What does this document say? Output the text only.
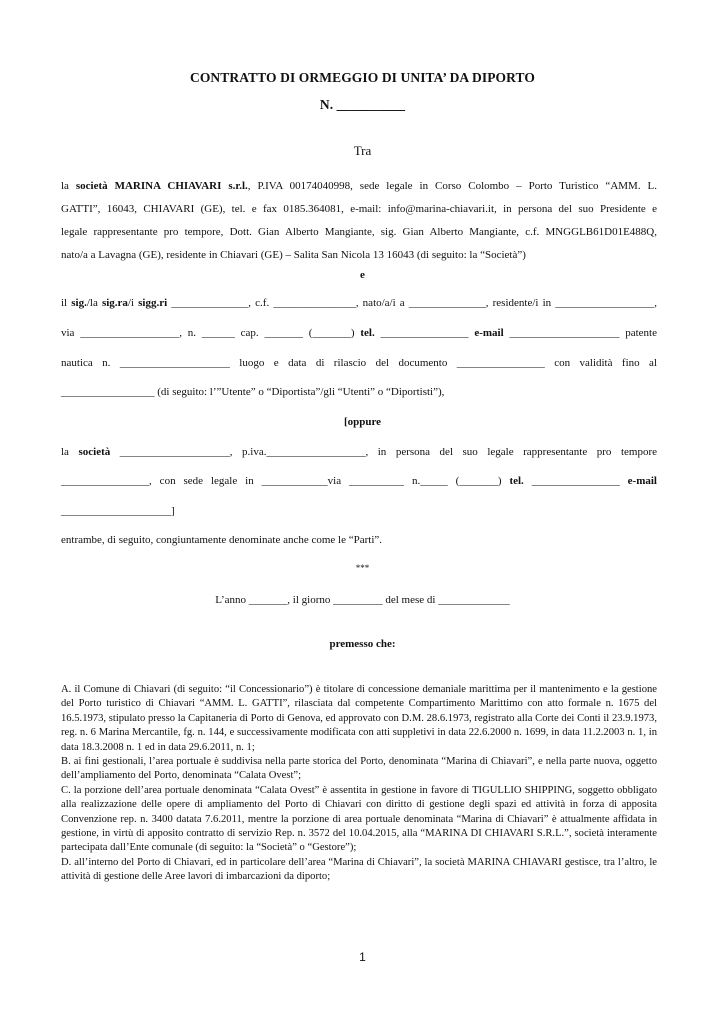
CONTRATTO DI ORMEGGIO DI UNITA’ DA DIPORTO
N. __________
Tra
la società MARINA CHIAVARI s.r.l., P.IVA 00174040998, sede legale in Corso Colombo – Porto Turistico “AMM. L.
GATTI”, 16043, CHIAVARI (GE), tel. e fax 0185.364081, e-mail: info@marina-chiavari.it, in persona del suo Presidente e
legale rappresentante pro tempore, Dott. Gian Alberto Mangiante, sig. Gian Alberto Mangiante, c.f. MNGGLB61D01E488Q,
nato/a a Lavagna (GE), residente in Chiavari (GE) – Salita San Nicola 13 16043 (di seguito: la “Società”)
e
il sig./la sig.ra/i sigg.ri ______________, c.f. _______________, nato/a/i a ______________, residente/i in __________________,
via __________________, n. ______ cap. _______ (_______) tel. ________________ e-mail ____________________ patente
nautica n. ____________________ luogo e data di rilascio del documento ________________ con validità fino al
_________________ (di seguito: l’”Utente” o “Diportista”/gli “Utenti” o “Diportisti”),
[oppure
la società ____________________, p.iva.__________________, in persona del suo legale rappresentante pro tempore
________________, con sede legale in ____________via __________ n._____ (_______) tel. ________________ e-mail
____________________]
entrambe, di seguito, congiuntamente denominate anche come le “Parti”.
***
L’anno _______, il giorno _________ del mese di _____________
premesso che:

A. il Comune di Chiavari (di seguito: “il Concessionario”) è titolare di concessione demaniale marittima per il mantenimento e la gestione del Porto turistico di Chiavari “AMM. L. GATTI”, rilasciata dal competente Compartimento Marittimo con atto formale n. 1675 del 16.5.1973, stipulato presso la Capitaneria di Porto di Genova, ed approvato con D.M. 28.6.1973, registrato alla Corte dei Conti il 23.9.1973, reg. n. 6 Marina Mercantile, fg. n. 144, e successivamente modificata con atti suppletivi in data 22.6.2000 n. 1699, in data 11.2.2003 n. 1, in data 18.3.2008 n. 1 ed in data 29.6.2011, n. 1;

B. ai fini gestionali, l’area portuale è suddivisa nella parte storica del Porto, denominata “Marina di Chiavari”, e nella parte nuova, oggetto dell’ampliamento del Porto, denominata “Calata Ovest”;

C. la porzione dell’area portuale denominata “Calata Ovest” è assentita in gestione in favore di TIGULLIO SHIPPING, soggetto obbligato alla realizzazione delle opere di ampliamento del Porto di Chiavari con diritto di gestione degli spazi ed attività in forza di apposita Convenzione rep. n. 3400 datata 7.6.2011, mentre la porzione di area portuale denominata “Marina di Chiavari” è attualmente affidata in gestione, in virtù di apposito contratto di servizio Rep. n. 3572 del 10.04.2015, alla “MARINA DI CHIAVARI S.R.L.”, società interamente partecipata dall’Ente comunale (di seguito: la “Società” o “Gestore”);

D. all’interno del Porto di Chiavari, ed in particolare dell’area “Marina di Chiavari”, la società MARINA CHIAVARI gestisce, tra l’altro, le attività di gestione delle Aree lavori di imbarcazioni da diporto;

1
